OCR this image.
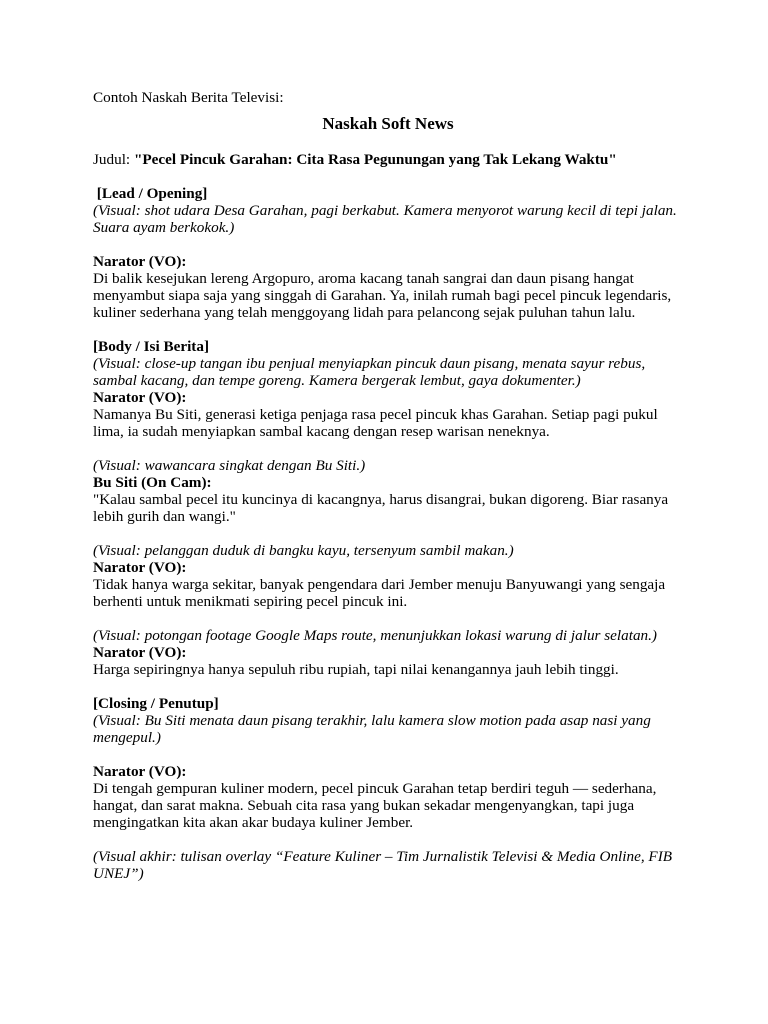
Contoh Naskah Berita Televisi:

Naskah Soft News

Judul: "Pecel Pincuk Garahan: Cita Rasa Pegunungan yang Tak Lekang Waktu"

[Lead / Opening]

(Visual: shot udara Desa Garahan, pagi berkabut. Kamera menyorot warung kecil di tepi jalan. Suara ayam berkokok.)

Narator (VO):

Di balik kesejukan lereng Argopuro, aroma kacang tanah sangrai dan daun pisang hangat menyambut siapa saja yang singgah di Garahan. Ya, inilah rumah bagi pecel pincuk legendaris, kuliner sederhana yang telah menggoyang lidah para pelancong sejak puluhan tahun lalu.

[Body / Isi Berita]

(Visual: close-up tangan ibu penjual menyiapkan pincuk daun pisang, menata sayur rebus, sambal kacang, dan tempe goreng. Kamera bergerak lembut, gaya dokumenter.)

Narator (VO):

Namanya Bu Siti, generasi ketiga penjaga rasa pecel pincuk khas Garahan. Setiap pagi pukul lima, ia sudah menyiapkan sambal kacang dengan resep warisan neneknya.

(Visual: wawancara singkat dengan Bu Siti.)

Bu Siti (On Cam):

"Kalau sambal pecel itu kuncinya di kacangnya, harus disangrai, bukan digoreng. Biar rasanya lebih gurih dan wangi."

(Visual: pelanggan duduk di bangku kayu, tersenyum sambil makan.)

Narator (VO):

Tidak hanya warga sekitar, banyak pengendara dari Jember menuju Banyuwangi yang sengaja berhenti untuk menikmati sepiring pecel pincuk ini.

(Visual: potongan footage Google Maps route, menunjukkan lokasi warung di jalur selatan.)

Narator (VO):

Harga sepiringnya hanya sepuluh ribu rupiah, tapi nilai kenangannya jauh lebih tinggi.

[Closing / Penutup]

(Visual: Bu Siti menata daun pisang terakhir, lalu kamera slow motion pada asap nasi yang mengepul.)

Narator (VO):

Di tengah gempuran kuliner modern, pecel pincuk Garahan tetap berdiri teguh — sederhana, hangat, dan sarat makna. Sebuah cita rasa yang bukan sekadar mengenyangkan, tapi juga mengingatkan kita akan akar budaya kuliner Jember.

(Visual akhir: tulisan overlay “Feature Kuliner – Tim Jurnalistik Televisi & Media Online, FIB UNEJ”)
